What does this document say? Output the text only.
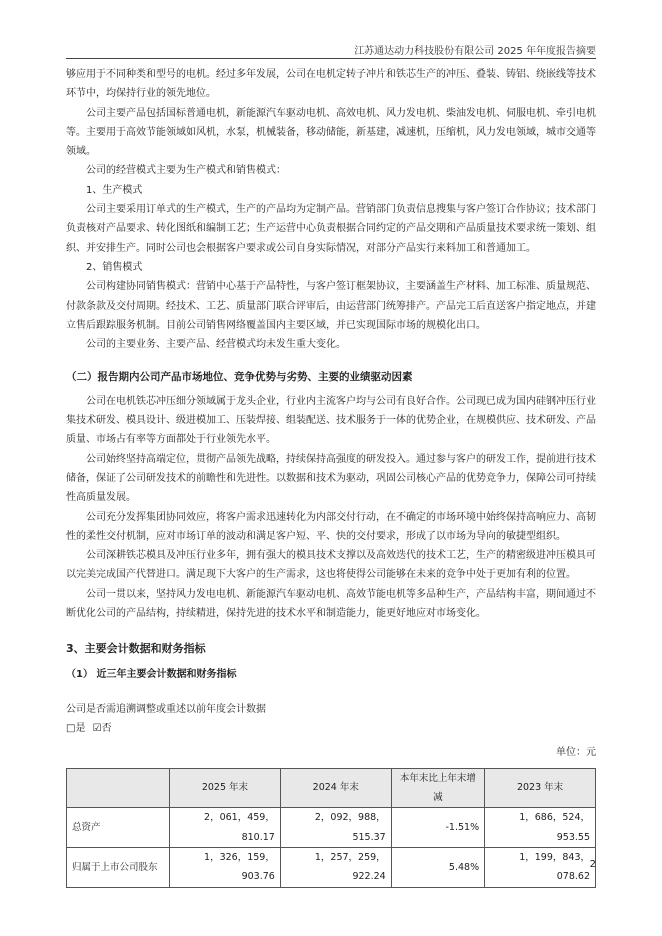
江苏通达动力科技股份有限公司 2025 年年度报告摘要

够应用于不同种类和型号的电机。经过多年发展，公司在电机定转子冲片和铁芯生产的冲压、叠装、铸铝、绕嵌线等技术环节中，均保持行业的领先地位。

公司主要产品包括国标普通电机，新能源汽车驱动电机、高效电机、风力发电机、柴油发电机、伺服电机、牵引电机等。主要用于高效节能领域如风机，水泵，机械装备，移动储能，新基建，减速机，压缩机，风力发电领域，城市交通等领域。

公司的经营模式主要为生产模式和销售模式：

1、生产模式

公司主要采用订单式的生产模式，生产的产品均为定制产品。营销部门负责信息搜集与客户签订合作协议；技术部门负责核对产品要求、转化图纸和编制工艺；生产运营中心负责根据合同约定的产品交期和产品质量技术要求统一策划、组织、并安排生产。同时公司也会根据客户要求或公司自身实际情况，对部分产品实行来料加工和普通加工。

2、销售模式

公司构建协同销售模式：营销中心基于产品特性，与客户签订框架协议，主要涵盖生产材料、加工标准、质量规范、付款条款及交付周期。经技术、工艺、质量部门联合评审后，由运营部门统筹排产。产品完工后直送客户指定地点，并建立售后跟踪服务机制。目前公司销售网络覆盖国内主要区域，并已实现国际市场的规模化出口。

公司的主要业务、主要产品、经营模式均未发生重大变化。

（二）报告期内公司产品市场地位、竞争优势与劣势、主要的业绩驱动因素

公司在电机铁芯冲压细分领域属于龙头企业，行业内主流客户均与公司有良好合作。公司现已成为国内硅钢冲压行业集技术研发、模具设计、级进模加工、压装焊接、组装配送、技术服务于一体的优势企业，在规模供应、技术研发、产品质量、市场占有率等方面都处于行业领先水平。

公司始终坚持高端定位，贯彻产品领先战略，持续保持高强度的研发投入。通过参与客户的研发工作，提前进行技术储备，保证了公司研发技术的前瞻性和先进性。以数据和技术为驱动，巩固公司核心产品的优势竞争力，保障公司可持续性高质量发展。

公司充分发挥集团协同效应，将客户需求迅速转化为内部交付行动，在不确定的市场环境中始终保持高响应力、高韧性的柔性交付机制，应对市场订单的波动和满足客户短、平、快的交付要求，形成了以市场为导向的敏捷型组织。

公司深耕铁芯模具及冲压行业多年，拥有强大的模具技术支撑以及高效迭代的技术工艺，生产的精密级进冲压模具可以完美完成国产代替进口。满足现下大客户的生产需求，这也将使得公司能够在未来的竞争中处于更加有利的位置。

公司一贯以来，坚持风力发电电机、新能源汽车驱动电机、高效节能电机等多品种生产，产品结构丰富，期间通过不断优化公司的产品结构，持续精进，保持先进的技术水平和制造能力，能更好地应对市场变化。

3、主要会计数据和财务指标
（1） 近三年主要会计数据和财务指标

公司是否需追溯调整或重述以前年度会计数据

□是 ☑否

单位：元
	2025 年末	2024 年末	本年末比上年末增减	2023 年末
总资产	2，061，459，810.17	2，092，988，515.37	-1.51%	1，686，524，953.55
归属于上市公司股东	1，326，159，903.76	1，257，259，922.24	5.48%	1，199，843，078.62
2
